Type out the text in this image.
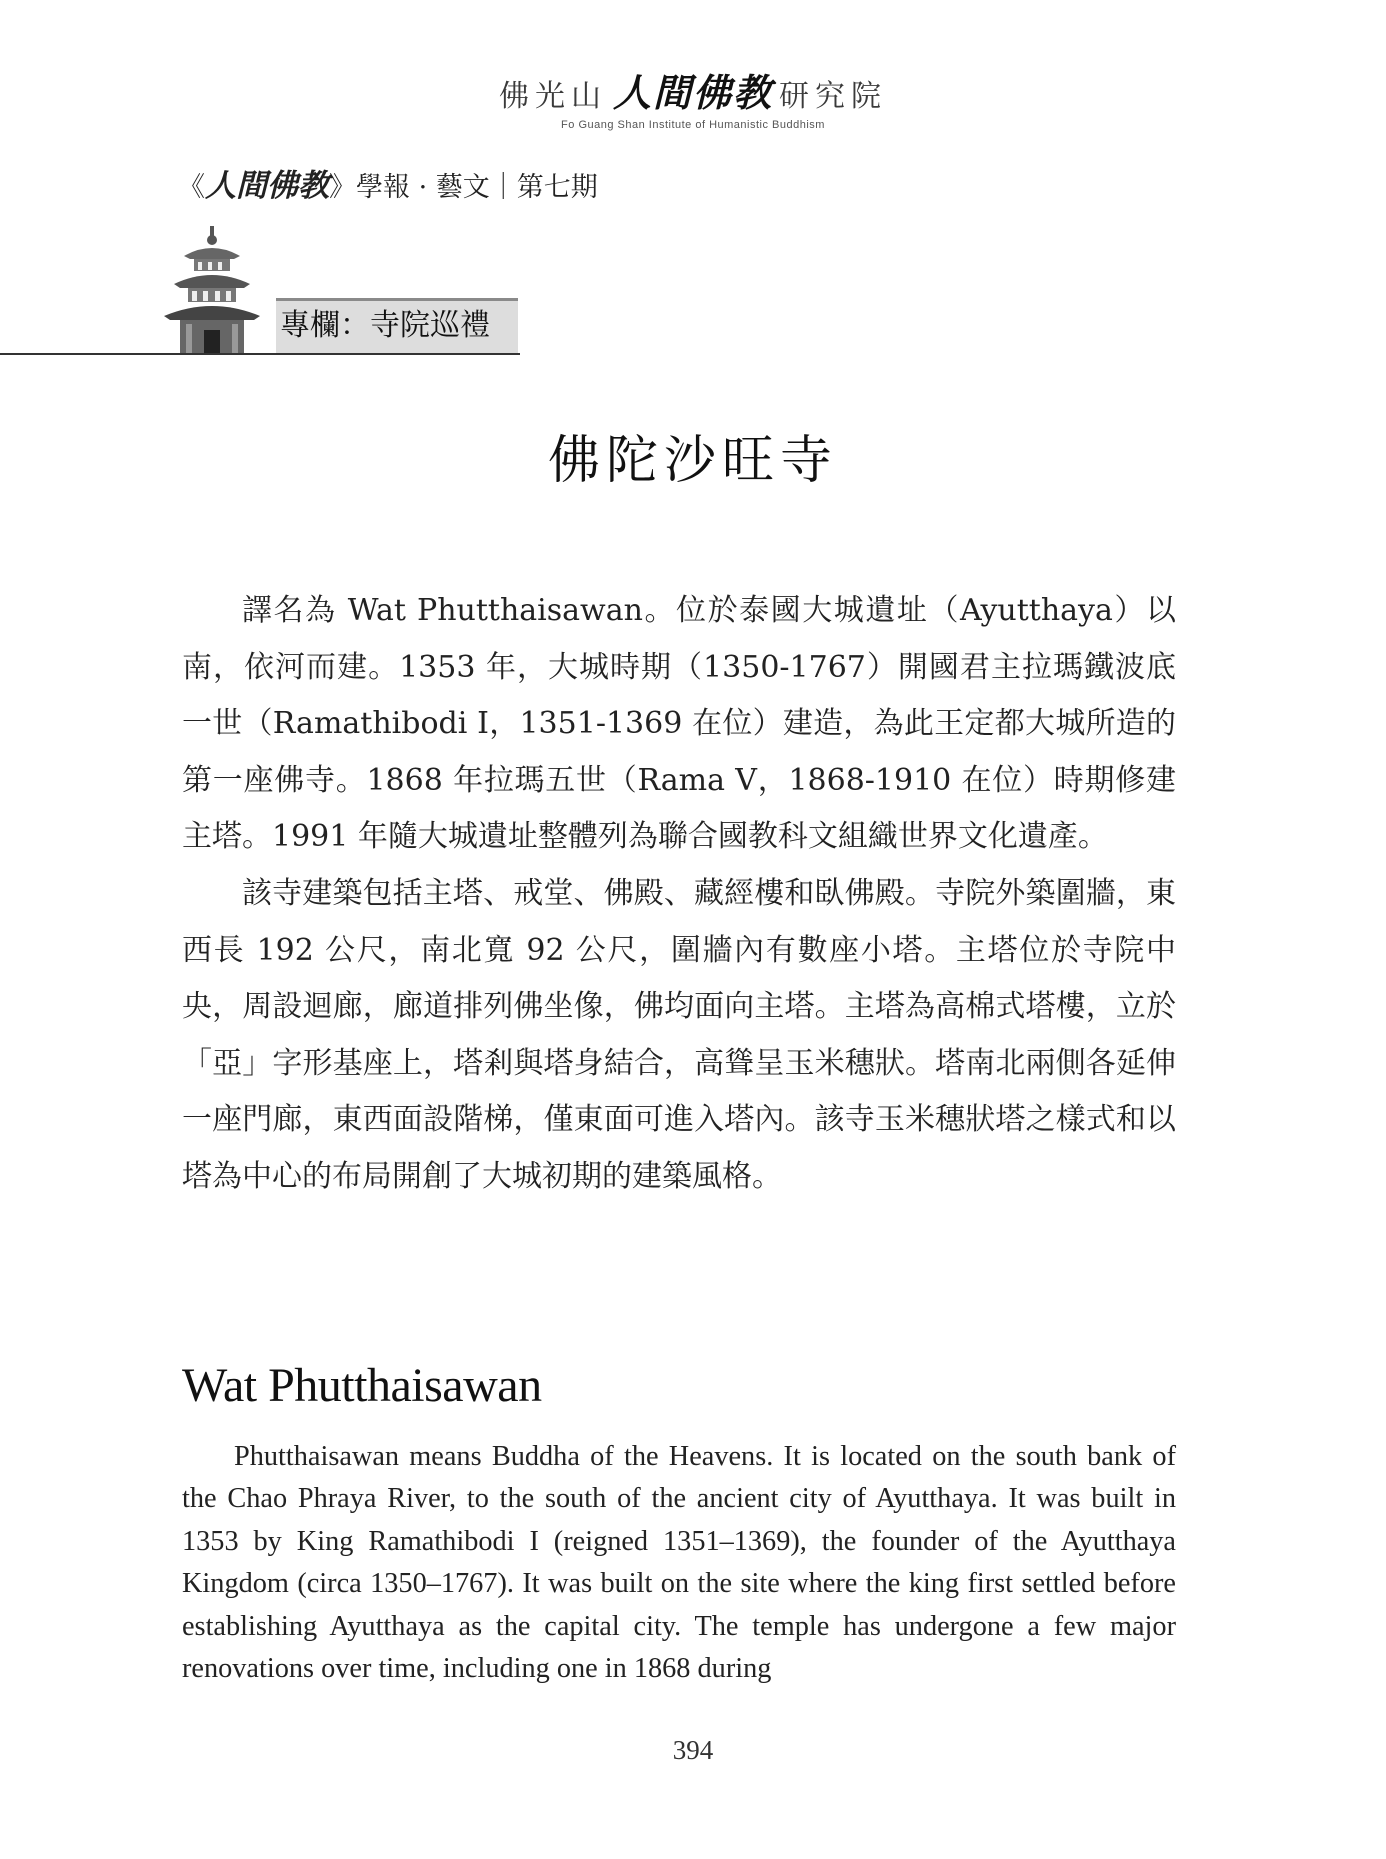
佛光山 人間佛教 研究院
Fo Guang Shan Institute of Humanistic Buddhism
《人間佛教》學報 · 藝文｜第七期
專欄：寺院巡禮
佛陀沙旺寺

譯名為 Wat Phutthaisawan。位於泰國大城遺址（Ayutthaya）以南，依河而建。1353 年，大城時期（1350-1767）開國君主拉瑪鐵波底一世（Ramathibodi I，1351-1369 在位）建造，為此王定都大城所造的第一座佛寺。1868 年拉瑪五世（Rama V，1868-1910 在位）時期修建主塔。1991 年隨大城遺址整體列為聯合國教科文組織世界文化遺產。

該寺建築包括主塔、戒堂、佛殿、藏經樓和臥佛殿。寺院外築圍牆，東西長 192 公尺，南北寬 92 公尺，圍牆內有數座小塔。主塔位於寺院中央，周設迴廊，廊道排列佛坐像，佛均面向主塔。主塔為高棉式塔樓，立於「亞」字形基座上，塔剎與塔身結合，高聳呈玉米穗狀。塔南北兩側各延伸一座門廊，東西面設階梯，僅東面可進入塔內。該寺玉米穗狀塔之樣式和以塔為中心的布局開創了大城初期的建築風格。

Wat Phutthaisawan

Phutthaisawan means Buddha of the Heavens. It is located on the south bank of the Chao Phraya River, to the south of the ancient city of Ayutthaya. It was built in 1353 by King Ramathibodi I (reigned 1351–1369), the founder of the Ayutthaya Kingdom (circa 1350–1767). It was built on the site where the king first settled before establishing Ayutthaya as the capital city. The temple has undergone a few major renovations over time, including one in 1868 during

394
